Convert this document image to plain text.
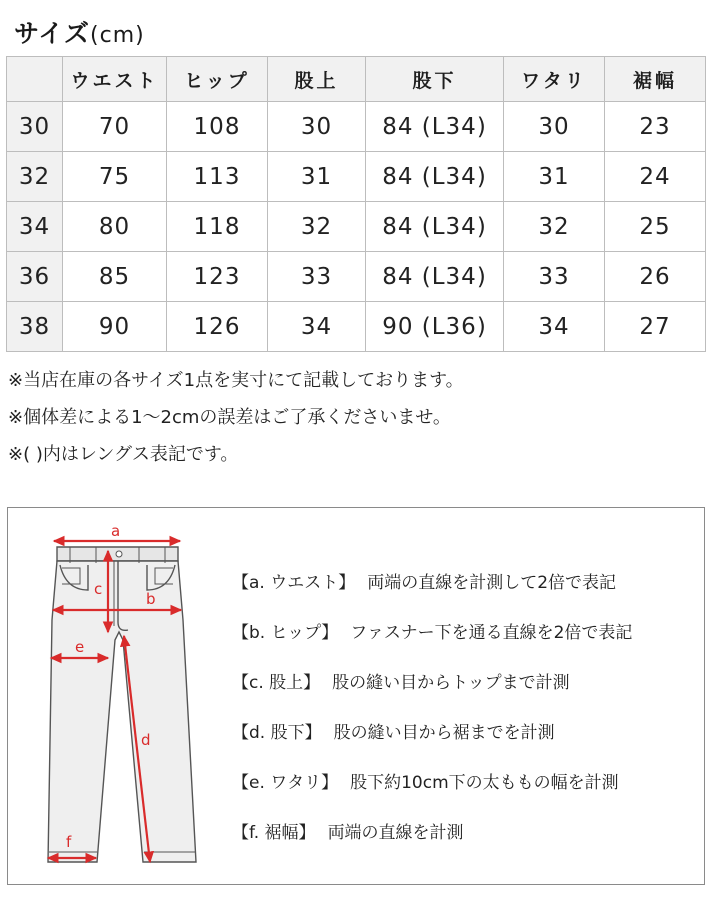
サイズ(cm)
	ウエスト	ヒップ	股上	股下	ワタリ	裾幅
30	70	108	30	84 (L34)	30	23
32	75	113	31	84 (L34)	31	24
34	80	118	32	84 (L34)	32	25
36	85	123	33	84 (L34)	33	26
38	90	126	34	90 (L36)	34	27
※当店在庫の各サイズ1点を実寸にて記載しております。
※個体差による1〜2cmの誤差はご了承くださいませ。
※( )内はレングス表記です。
a
b
c
d
e
f
【a. ウエスト】 両端の直線を計測して2倍で表記
【b. ヒップ】 ファスナー下を通る直線を2倍で表記
【c. 股上】 股の縫い目からトップまで計測
【d. 股下】 股の縫い目から裾までを計測
【e. ワタリ】 股下約10cm下の太ももの幅を計測
【f. 裾幅】 両端の直線を計測
